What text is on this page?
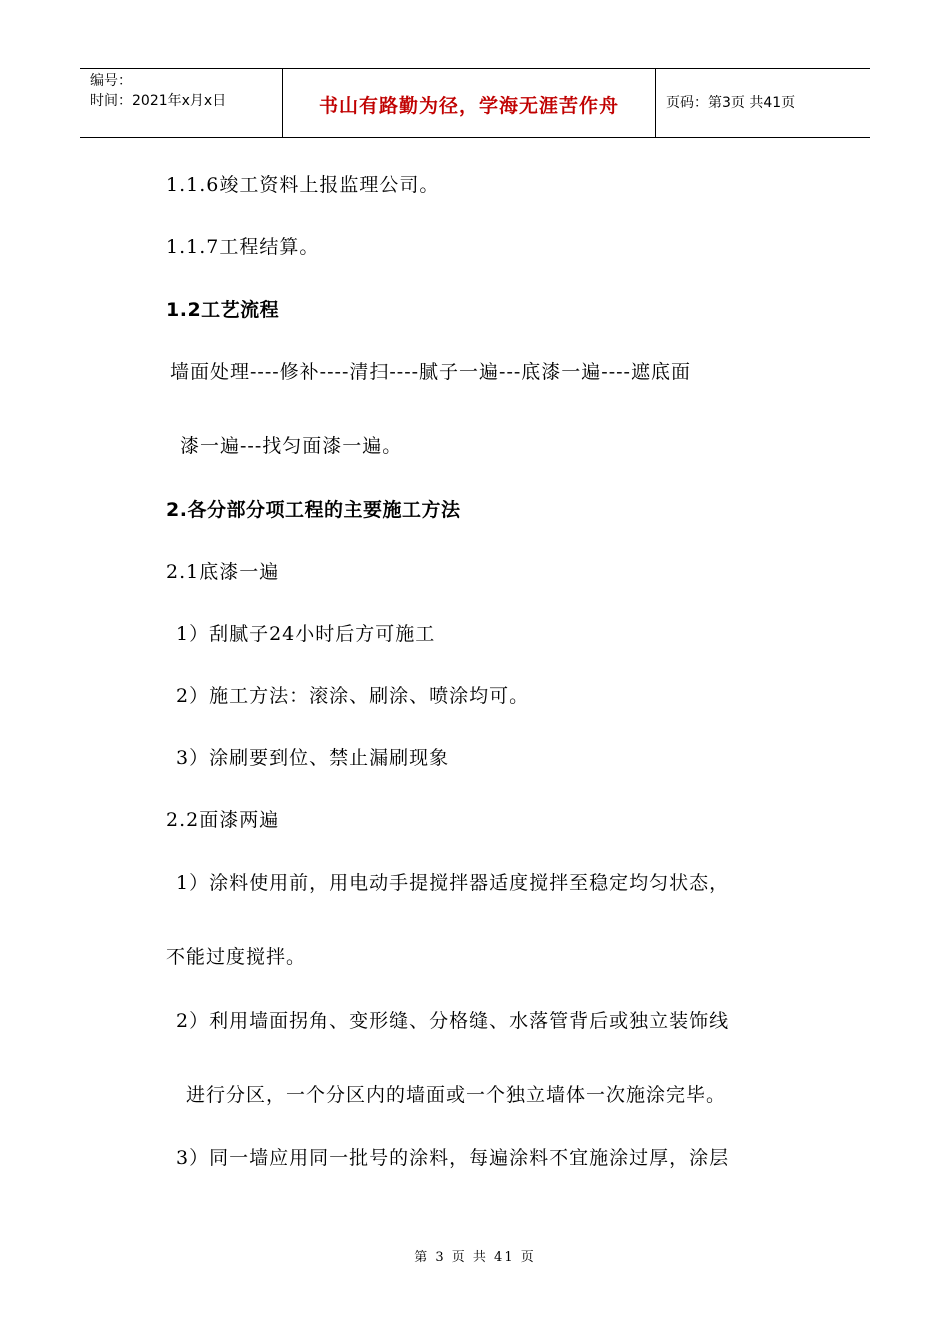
编号：
时间：2021年x月x日	书山有路勤为径，学海无涯苦作舟	页码：第3页 共41页
1.1.6竣工资料上报监理公司。
1.1.7工程结算。
1.2工艺流程
墙面处理----修补----清扫----腻子一遍---底漆一遍----遮底面
漆一遍---找匀面漆一遍。
2.各分部分项工程的主要施工方法
2.1底漆一遍
1）刮腻子24小时后方可施工
2）施工方法：滚涂、刷涂、喷涂均可。
3）涂刷要到位、禁止漏刷现象
2.2面漆两遍
1）涂料使用前，用电动手提搅拌器适度搅拌至稳定均匀状态，
不能过度搅拌。
2）利用墙面拐角、变形缝、分格缝、水落管背后或独立装饰线
进行分区，一个分区内的墙面或一个独立墙体一次施涂完毕。
3）同一墙应用同一批号的涂料，每遍涂料不宜施涂过厚，涂层
第 3 页 共 41 页
